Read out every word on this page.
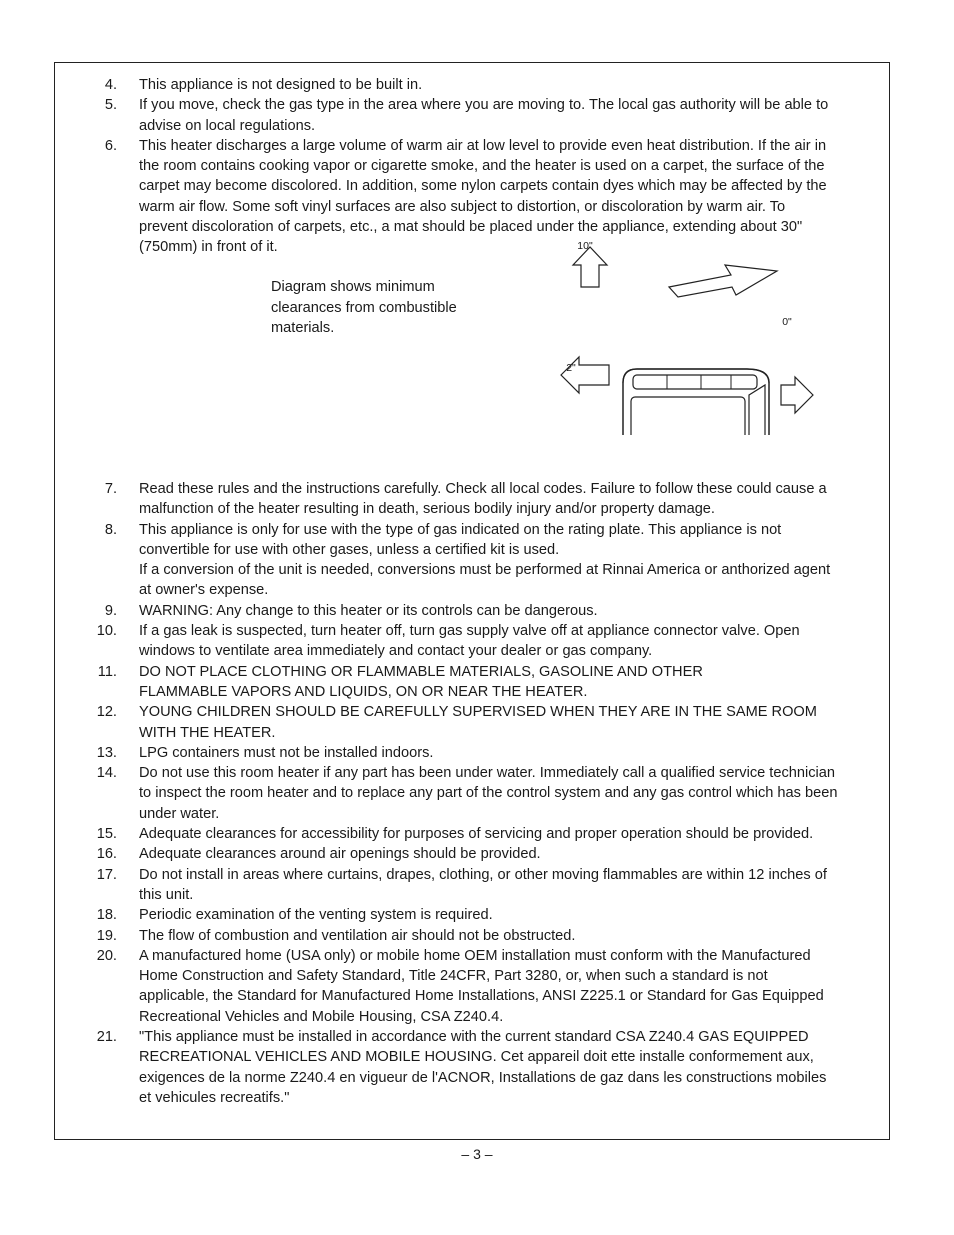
4. This appliance is not designed to be built in.
5. If you move, check the gas type in the area where you are moving to. The local gas authority will be able to advise on local regulations.
6. This heater discharges a large volume of warm air at low level to provide even heat distribution. If the air in the room contains cooking vapor or cigarette smoke, and the heater is used on a carpet, the surface of the carpet may become discolored. In addition, some nylon carpets contain dyes which may be affected by the warm air flow. Some soft vinyl surfaces are also subject to distortion, or discoloration by warm air. To prevent discoloration of carpets, etc., a mat should be placed under the appliance, extending about 30" (750mm) in front of it.
Diagram shows minimum clearances from combustible materials.
10"
0"
2"
7. Read these rules and the instructions carefully. Check all local codes. Failure to follow these could cause a malfunction of the heater resulting in death, serious bodily injury and/or property damage.
8. This appliance is only for use with the type of gas indicated on the rating plate. This appliance is not convertible for use with other gases, unless a certified kit is used.
If a conversion of the unit is needed, conversions must be performed at Rinnai America or anthorized agent at owner's expense.
9. WARNING: Any change to this heater or its controls can be dangerous.
10. If a gas leak is suspected, turn heater off, turn gas supply valve off at appliance connector valve. Open windows to ventilate area immediately and contact your dealer or gas company.
11. DO NOT PLACE CLOTHING OR FLAMMABLE MATERIALS, GASOLINE AND OTHER FLAMMABLE VAPORS AND LIQUIDS, ON OR NEAR THE HEATER.
12. YOUNG CHILDREN SHOULD BE CAREFULLY SUPERVISED WHEN THEY ARE IN THE SAME ROOM WITH THE HEATER.
13. LPG containers must not be installed indoors.
14. Do not use this room heater if any part has been under water. Immediately call a qualified service technician to inspect the room heater and to replace any part of the control system and any gas control which has been under water.
15. Adequate clearances for accessibility for purposes of servicing and proper operation should be provided.
16. Adequate clearances around air openings should be provided.
17. Do not install in areas where curtains, drapes, clothing, or other moving flammables are within 12 inches of this unit.
18. Periodic examination of the venting system is required.
19. The flow of combustion and ventilation air should not be obstructed.
20. A manufactured home (USA only) or mobile home OEM installation must conform with the Manufactured Home Construction and Safety Standard, Title 24CFR, Part 3280, or, when such a standard is not applicable, the Standard for Manufactured Home Installations, ANSI Z225.1 or Standard for Gas Equipped Recreational Vehicles and Mobile Housing, CSA Z240.4.
21. "This appliance must be installed in accordance with the current standard CSA Z240.4 GAS EQUIPPED RECREATIONAL VEHICLES AND MOBILE HOUSING. Cet appareil doit ette installe conformement aux, exigences de la norme Z240.4 en vigueur de l'ACNOR, Installations de gaz dans les constructions mobiles et vehicules recreatifs."
– 3 –
